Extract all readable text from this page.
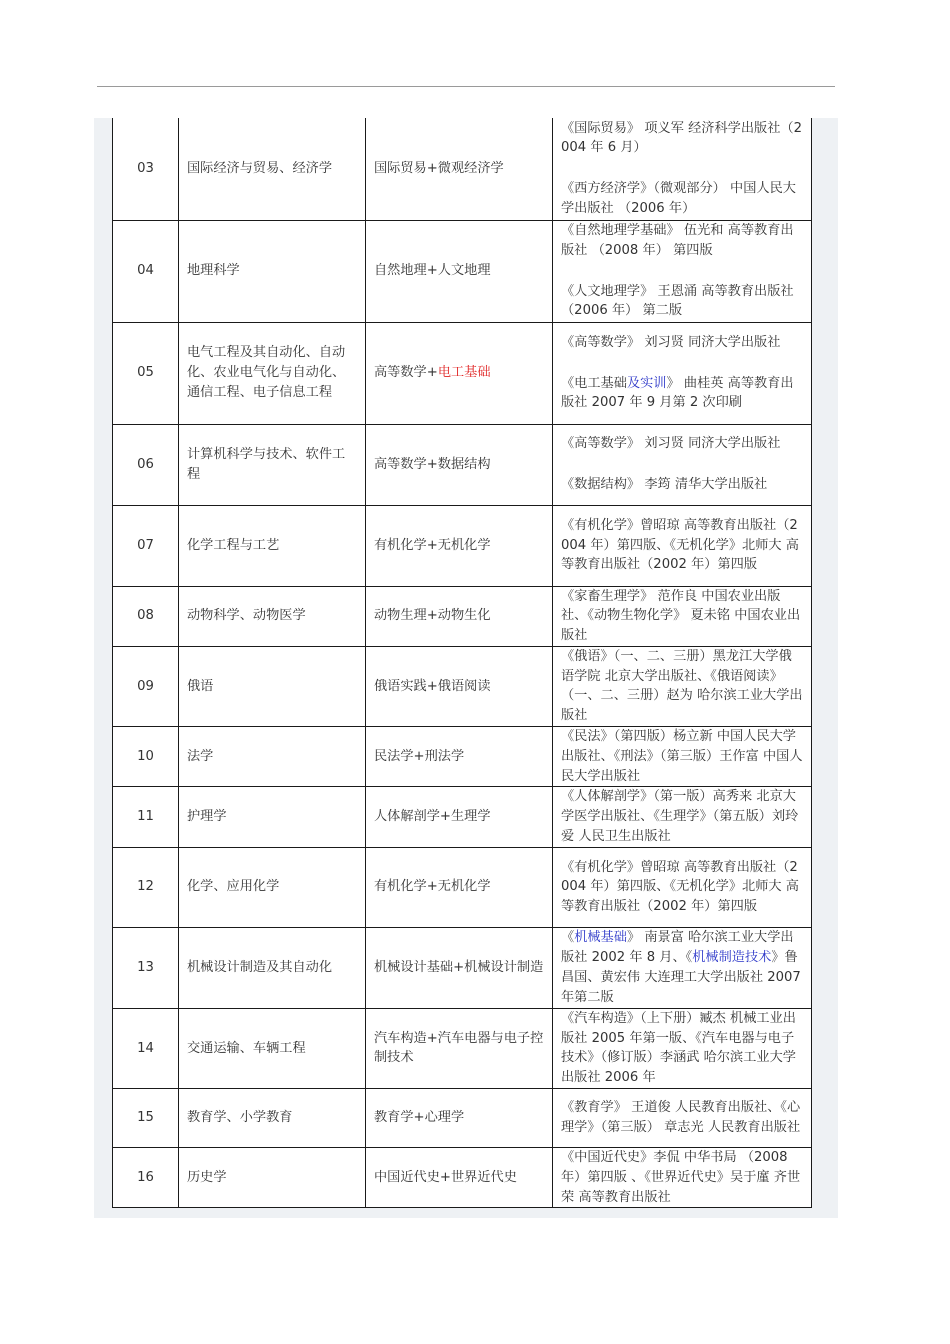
03	国际经济与贸易、经济学	国际贸易+微观经济学	《国际贸易》 项义军 经济科学出版社（2004 年 6 月）

《西方经济学》（微观部分） 中国人民大学出版社 （2006 年）

04	地理科学	自然地理+人文地理	《自然地理学基础》 伍光和 高等教育出版社 （2008 年） 第四版

《人文地理学》 王恩涌 高等教育出版社 （2006 年） 第二版

05	电气工程及其自动化、自动化、农业电气化与自动化、通信工程、电子信息工程	高等数学+电工基础	《高等数学》 刘习贤 同济大学出版社

《电工基础及实训》 曲桂英 高等教育出版社 2007 年 9 月第 2 次印刷

06	计算机科学与技术、软件工程	高等数学+数据结构	《高等数学》 刘习贤 同济大学出版社

《数据结构》 李筠 清华大学出版社

07	化学工程与工艺	有机化学+无机化学	《有机化学》曾昭琼 高等教育出版社（2004 年）第四版、《无机化学》北师大 高等教育出版社（2002 年）第四版

08	动物科学、动物医学	动物生理+动物生化	《家畜生理学》 范作良 中国农业出版社、《动物生物化学》 夏未铭 中国农业出版社

09	俄语	俄语实践+俄语阅读	《俄语》（一、二、三册）黑龙江大学俄语学院 北京大学出版社、《俄语阅读》（一、二、三册）赵为 哈尔滨工业大学出版社

10	法学	民法学+刑法学	《民法》（第四版）杨立新 中国人民大学出版社、《刑法》（第三版）王作富 中国人民大学出版社

11	护理学	人体解剖学+生理学	《人体解剖学》（第一版）高秀来 北京大学医学出版社、《生理学》（第五版）刘玲爱 人民卫生出版社

12	化学、应用化学	有机化学+无机化学	《有机化学》曾昭琼 高等教育出版社（2004 年）第四版、《无机化学》北师大 高等教育出版社（2002 年）第四版

13	机械设计制造及其自动化	机械设计基础+机械设计制造	《机械基础》 南景富 哈尔滨工业大学出版社 2002 年 8 月、《机械制造技术》鲁昌国、黄宏伟 大连理工大学出版社 2007 年第二版

14	交通运输、车辆工程	汽车构造+汽车电器与电子控制技术	《汽车构造》（上下册）臧杰 机械工业出版社 2005 年第一版、《汽车电器与电子技术》（修订版）李涵武 哈尔滨工业大学出版社 2006 年

15	教育学、小学教育	教育学+心理学	《教育学》 王道俊 人民教育出版社、《心理学》（第三版） 章志光 人民教育出版社

16	历史学	中国近代史+世界近代史	《中国近代史》李侃 中华书局 （2008 年）第四版 、《世界近代史》吴于廑 齐世荣 高等教育出版社
